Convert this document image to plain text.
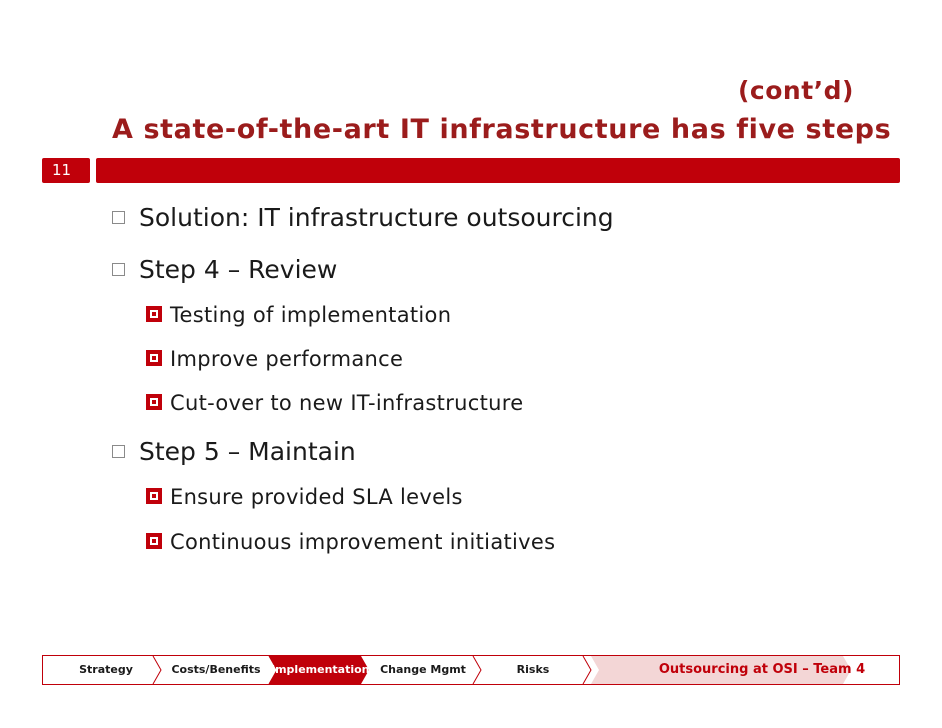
(cont’d)
A state-of-the-art IT infrastructure has five steps
11
Solution: IT infrastructure outsourcing
Step 4 – Review
Testing of implementation
Improve performance
Cut-over to new IT-infrastructure
Step 5 – Maintain
Ensure provided SLA levels
Continuous improvement initiatives
Strategy	Costs/Benefits Implementation Change Mgmt	Risks	Outsourcing at OSI – Team 4
